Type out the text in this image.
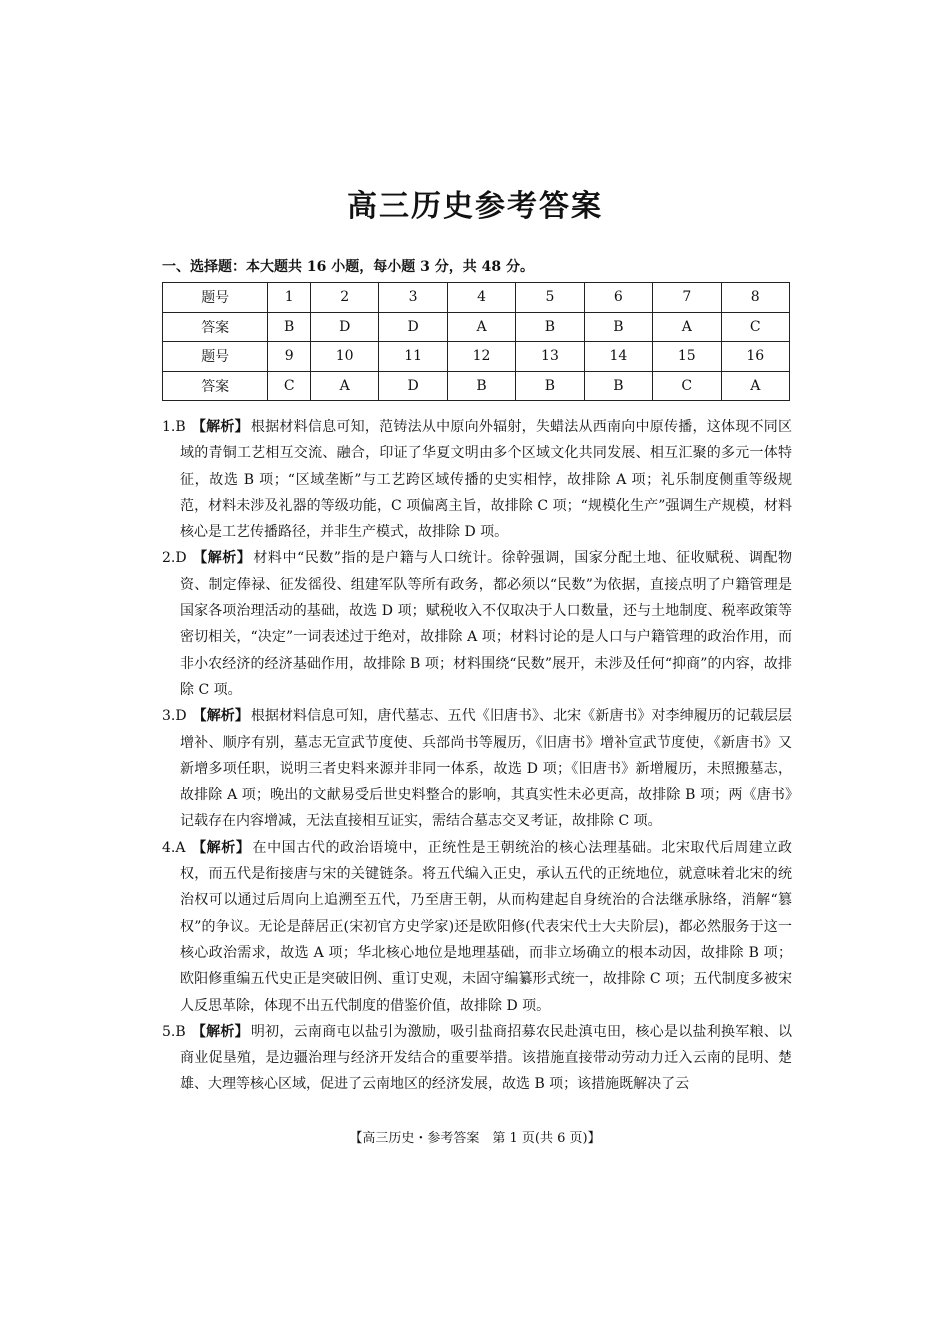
高三历史参考答案
一、选择题：本大题共 16 小题，每小题 3 分，共 48 分。
题号	1	2	3	4	5	6	7	8
答案	B	D	D	A	B	B	A	C
题号	9	10	11	12	13	14	15	16
答案	C	A	D	B	B	B	C	A

1.B 【解析】 根据材料信息可知，范铸法从中原向外辐射，失蜡法从西南向中原传播，这体现不同区域的青铜工艺相互交流、融合，印证了华夏文明由多个区域文化共同发展、相互汇聚的多元一体特征，故选 B 项；“区域垄断”与工艺跨区域传播的史实相悖，故排除 A 项；礼乐制度侧重等级规范，材料未涉及礼器的等级功能，C 项偏离主旨，故排除 C 项；“规模化生产”强调生产规模，材料核心是工艺传播路径，并非生产模式，故排除 D 项。

2.D 【解析】 材料中“民数”指的是户籍与人口统计。徐幹强调，国家分配土地、征收赋税、调配物资、制定俸禄、征发徭役、组建军队等所有政务，都必须以“民数”为依据，直接点明了户籍管理是国家各项治理活动的基础，故选 D 项；赋税收入不仅取决于人口数量，还与土地制度、税率政策等密切相关，“决定”一词表述过于绝对，故排除 A 项；材料讨论的是人口与户籍管理的政治作用，而非小农经济的经济基础作用，故排除 B 项；材料围绕“民数”展开，未涉及任何“抑商”的内容，故排除 C 项。

3.D 【解析】 根据材料信息可知，唐代墓志、五代《旧唐书》、北宋《新唐书》对李绅履历的记载层层增补、顺序有别，墓志无宣武节度使、兵部尚书等履历，《旧唐书》增补宣武节度使，《新唐书》又新增多项任职，说明三者史料来源并非同一体系，故选 D 项；《旧唐书》新增履历，未照搬墓志，故排除 A 项；晚出的文献易受后世史料整合的影响，其真实性未必更高，故排除 B 项；两《唐书》记载存在内容增减，无法直接相互证实，需结合墓志交叉考证，故排除 C 项。

4.A 【解析】 在中国古代的政治语境中，正统性是王朝统治的核心法理基础。北宋取代后周建立政权，而五代是衔接唐与宋的关键链条。将五代编入正史，承认五代的正统地位，就意味着北宋的统治权可以通过后周向上追溯至五代，乃至唐王朝，从而构建起自身统治的合法继承脉络，消解“篡权”的争议。无论是薛居正(宋初官方史学家)还是欧阳修(代表宋代士大夫阶层)，都必然服务于这一核心政治需求，故选 A 项；华北核心地位是地理基础，而非立场确立的根本动因，故排除 B 项；欧阳修重编五代史正是突破旧例、重订史观，未固守编纂形式统一，故排除 C 项；五代制度多被宋人反思革除，体现不出五代制度的借鉴价值，故排除 D 项。

5.B 【解析】 明初，云南商屯以盐引为激励，吸引盐商招募农民赴滇屯田，核心是以盐利换军粮、以商业促垦殖，是边疆治理与经济开发结合的重要举措。该措施直接带动劳动力迁入云南的昆明、楚雄、大理等核心区域，促进了云南地区的经济发展，故选 B 项；该措施既解决了云

【高三历史・参考答案　第 1 页(共 6 页)】
